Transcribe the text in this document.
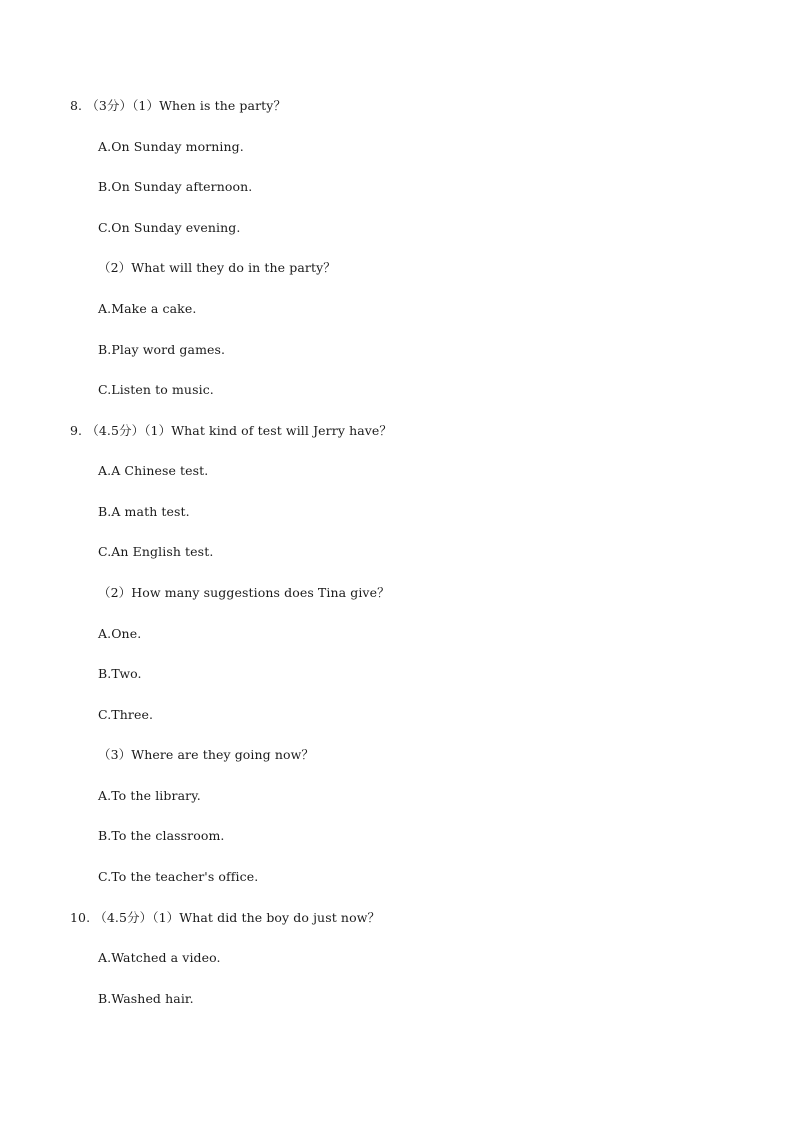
8. （3分）（1）When is the party？
A.On Sunday morning.
B.On Sunday afternoon.
C.On Sunday evening.
（2）What will they do in the party？
A.Make a cake.
B.Play word games.
C.Listen to music.
9. （4.5分）（1）What kind of test will Jerry have？
A.A Chinese test.
B.A math test.
C.An English test.
（2）How many suggestions does Tina give？
A.One.
B.Two.
C.Three.
（3）Where are they going now？
A.To the library.
B.To the classroom.
C.To the teacher's office.
10. （4.5分）（1）What did the boy do just now？
A.Watched a video.
B.Washed hair.
